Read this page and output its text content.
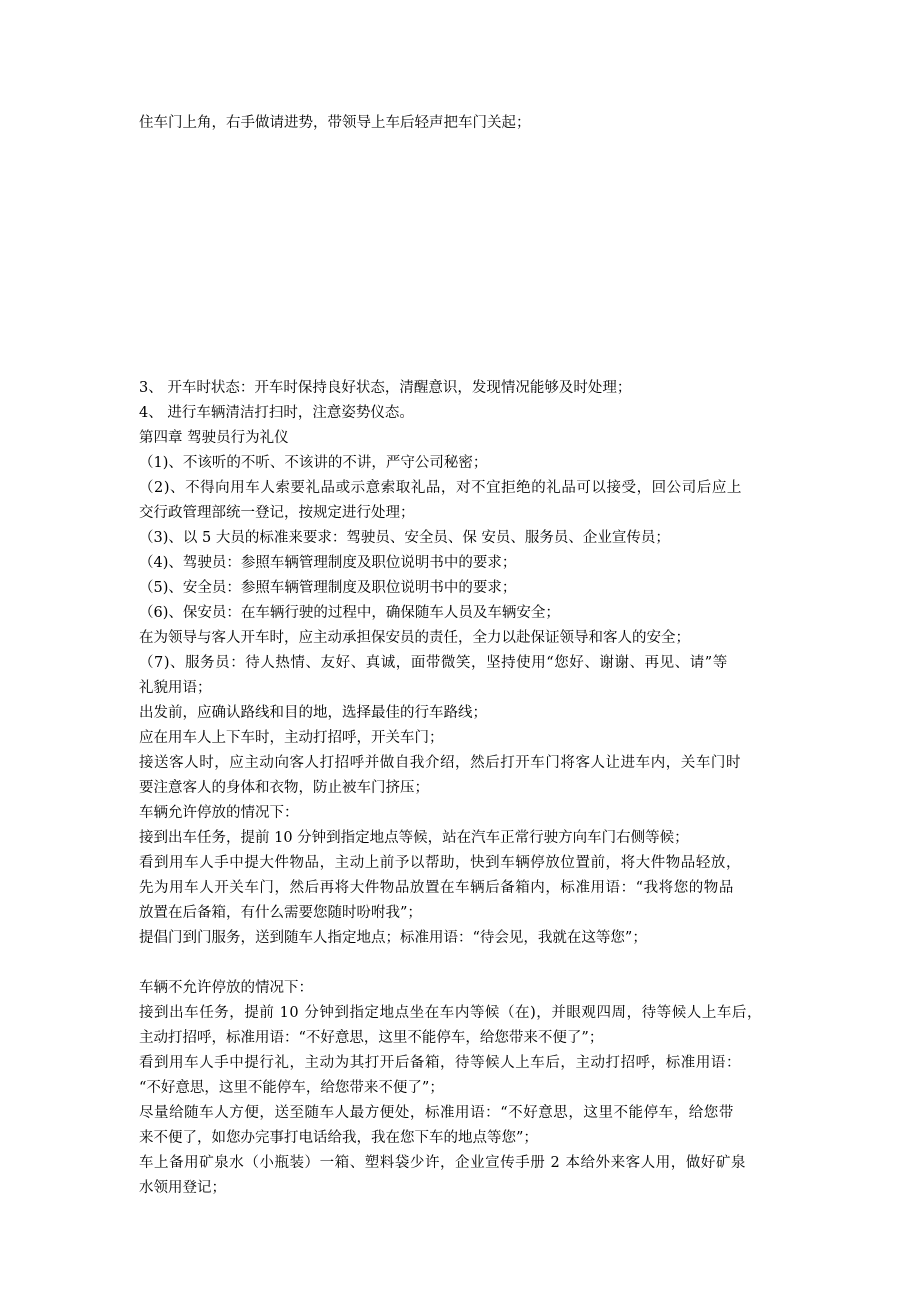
住车门上角，右手做请进势，带领导上车后轻声把车门关起；
3、 开车时状态：开车时保持良好状态，清醒意识，发现情况能够及时处理；
4、 进行车辆清洁打扫时，注意姿势仪态。
第四章 驾驶员行为礼仪
（1)、不该听的不听、不该讲的不讲，严守公司秘密；
（2)、不得向用车人索要礼品或示意索取礼品，对不宜拒绝的礼品可以接受，回公司后应上
交行政管理部统一登记，按规定进行处理；
（3)、以 5 大员的标准来要求：驾驶员、安全员、保 安员、服务员、企业宣传员；
（4)、驾驶员：参照车辆管理制度及职位说明书中的要求；
（5)、安全员：参照车辆管理制度及职位说明书中的要求；
（6)、保安员：在车辆行驶的过程中，确保随车人员及车辆安全；
在为领导与客人开车时，应主动承担保安员的责任，全力以赴保证领导和客人的安全；
（7)、服务员：待人热情、友好、真诚，面带微笑，坚持使用“您好、谢谢、再见、请”等
礼貌用语；
出发前，应确认路线和目的地，选择最佳的行车路线；
应在用车人上下车时，主动打招呼，开关车门；
接送客人时，应主动向客人打招呼并做自我介绍，然后打开车门将客人让进车内，关车门时
要注意客人的身体和衣物，防止被车门挤压；
车辆允许停放的情况下：
接到出车任务，提前 10 分钟到指定地点等候，站在汽车正常行驶方向车门右侧等候；
看到用车人手中提大件物品，主动上前予以帮助，快到车辆停放位置前，将大件物品轻放，
先为用车人开关车门，然后再将大件物品放置在车辆后备箱内，标准用语：“我将您的物品
放置在后备箱，有什么需要您随时吩咐我”；
提倡门到门服务，送到随车人指定地点；标准用语：“待会见，我就在这等您”；
车辆不允许停放的情况下：
接到出车任务，提前 10 分钟到指定地点坐在车内等候（在)，并眼观四周，待等候人上车后，
主动打招呼，标准用语：“不好意思，这里不能停车，给您带来不便了”；
看到用车人手中提行礼，主动为其打开后备箱，待等候人上车后，主动打招呼，标准用语：
“不好意思，这里不能停车，给您带来不便了”；
尽量给随车人方便，送至随车人最方便处，标准用语：“不好意思，这里不能停车，给您带
来不便了，如您办完事打电话给我，我在您下车的地点等您”；
车上备用矿泉水（小瓶装）一箱、塑料袋少许，企业宣传手册 2 本给外来客人用，做好矿泉
水领用登记；
